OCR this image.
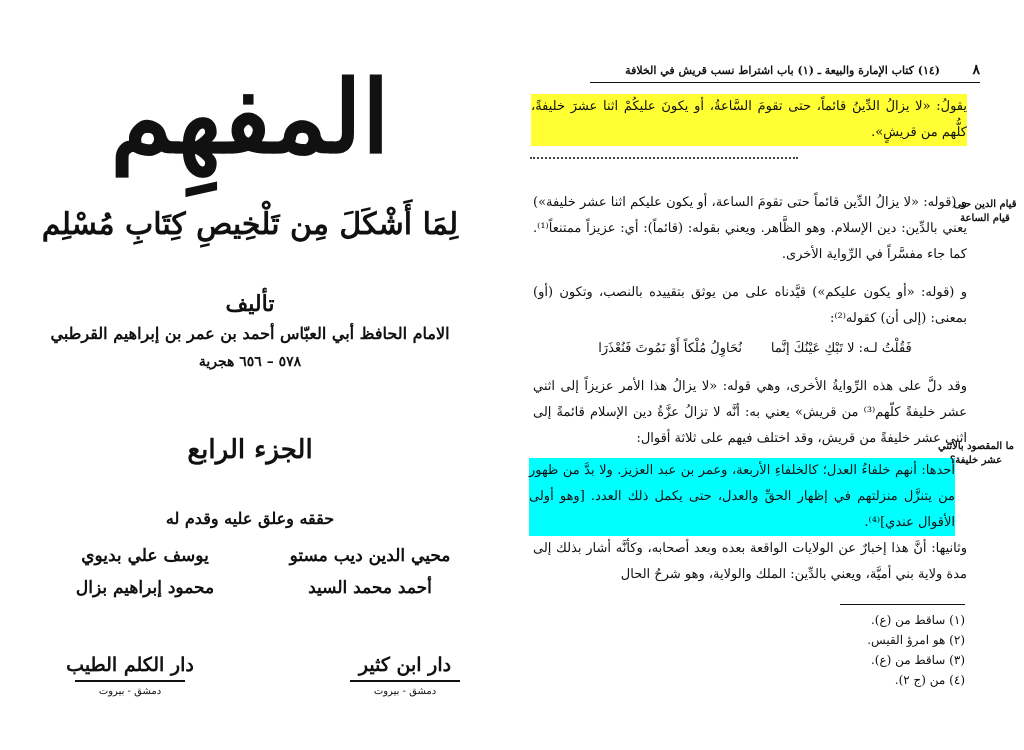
المفهِم
لِمَا أَشْكَلَ مِن تَلْخِيصِ كِتَابِ مُسْلِم
تأليف
الامام الحافظ أبي العبّاس أحمد بن عمر بن إبراهيم القرطبي
٥٧٨ – ٦٥٦ هجرية
الجزء الرابع
حققه وعلق عليه وقدم له
محيي الدين ديب مستو
أحمد محمد السيد
يوسف علي بديوي
محمود إبراهيم بزال
دار ابن كثير
دمشق - بيروت
دار الكلم الطيب
دمشق - بيروت
٨
(١٤) كتاب الإمارة والبيعة ـ (١) باب اشتراط نسب قريش في الخلافة

يقولُ: «لا يزالُ الدِّينُ قائماً، حتى تقومَ السَّاعةُ، أو يكونَ عليكُمْ اثنا عشرَ خليفةً، كلُّهم من قريشٍ».

و (قوله: «لا يزالُ الدِّين قائماً حتى تقومَ الساعة، أو يكون عليكم اثنا عشر خليفة») يعني بالدِّين: دين الإسلام. وهو الظَّاهر. ويعني بقوله: (قائماً): أي: عزيزاً ممتنعاً⁽¹⁾. كما جاء مفسَّراً في الرِّواية الأخرى.

و (قوله: «أو يكون عليكم») قيَّدناه على من يوثق بتقييده بالنصب، وتكون (أو) بمعنى: (إلى أن) كقوله⁽²⁾:

فَقُلْتُ لـه: لا تَبْكِ عَيْنُكَ إنَّما       نُحَاوِلُ مُلْكاً أَوْ نَمُوتَ فَنُعْذَرَا

وقد دلَّ على هذه الرِّوايةُ الأخرى، وهي قوله: «لا يزالُ هذا الأمر عزيزاً إلى اثني عشر خليفةً كلّهم⁽³⁾ من قريش» يعني به: أنَّه لا تزالُ عزَّةُ دين الإسلام قائمةً إلى اثني عشر خليفةً من قريش، وقد اختلف فيهم على ثلاثة أقوال:

أحدها: أنهم خلفاءُ العدل؛ كالخلفاءِ الأربعة، وعمر بن عبد العزيز. ولا بدَّ من ظهور من يتنزَّل منزلتهم في إظهار الحقِّ والعدل، حتى يكمل ذلك العدد. [وهو أولى الأقوال عندي]⁽⁴⁾.

وثانيها: أنَّ هذا إخبارٌ عن الولايات الواقعة بعده وبعد أصحابه، وكأنَّه أشار بذلك إلى مدة ولاية بني أميَّة، ويعني بالدِّين: الملك والولاية، وهو شرحُ الحال

(١) ساقط من (ع).
(٢) هو امرؤ القيس.
(٣) ساقط من (ع).
(٤) من (ج ٢).

قيام الدين حتى قيام الساعة

ما المقصود بالاثني عشر خليفة؟
